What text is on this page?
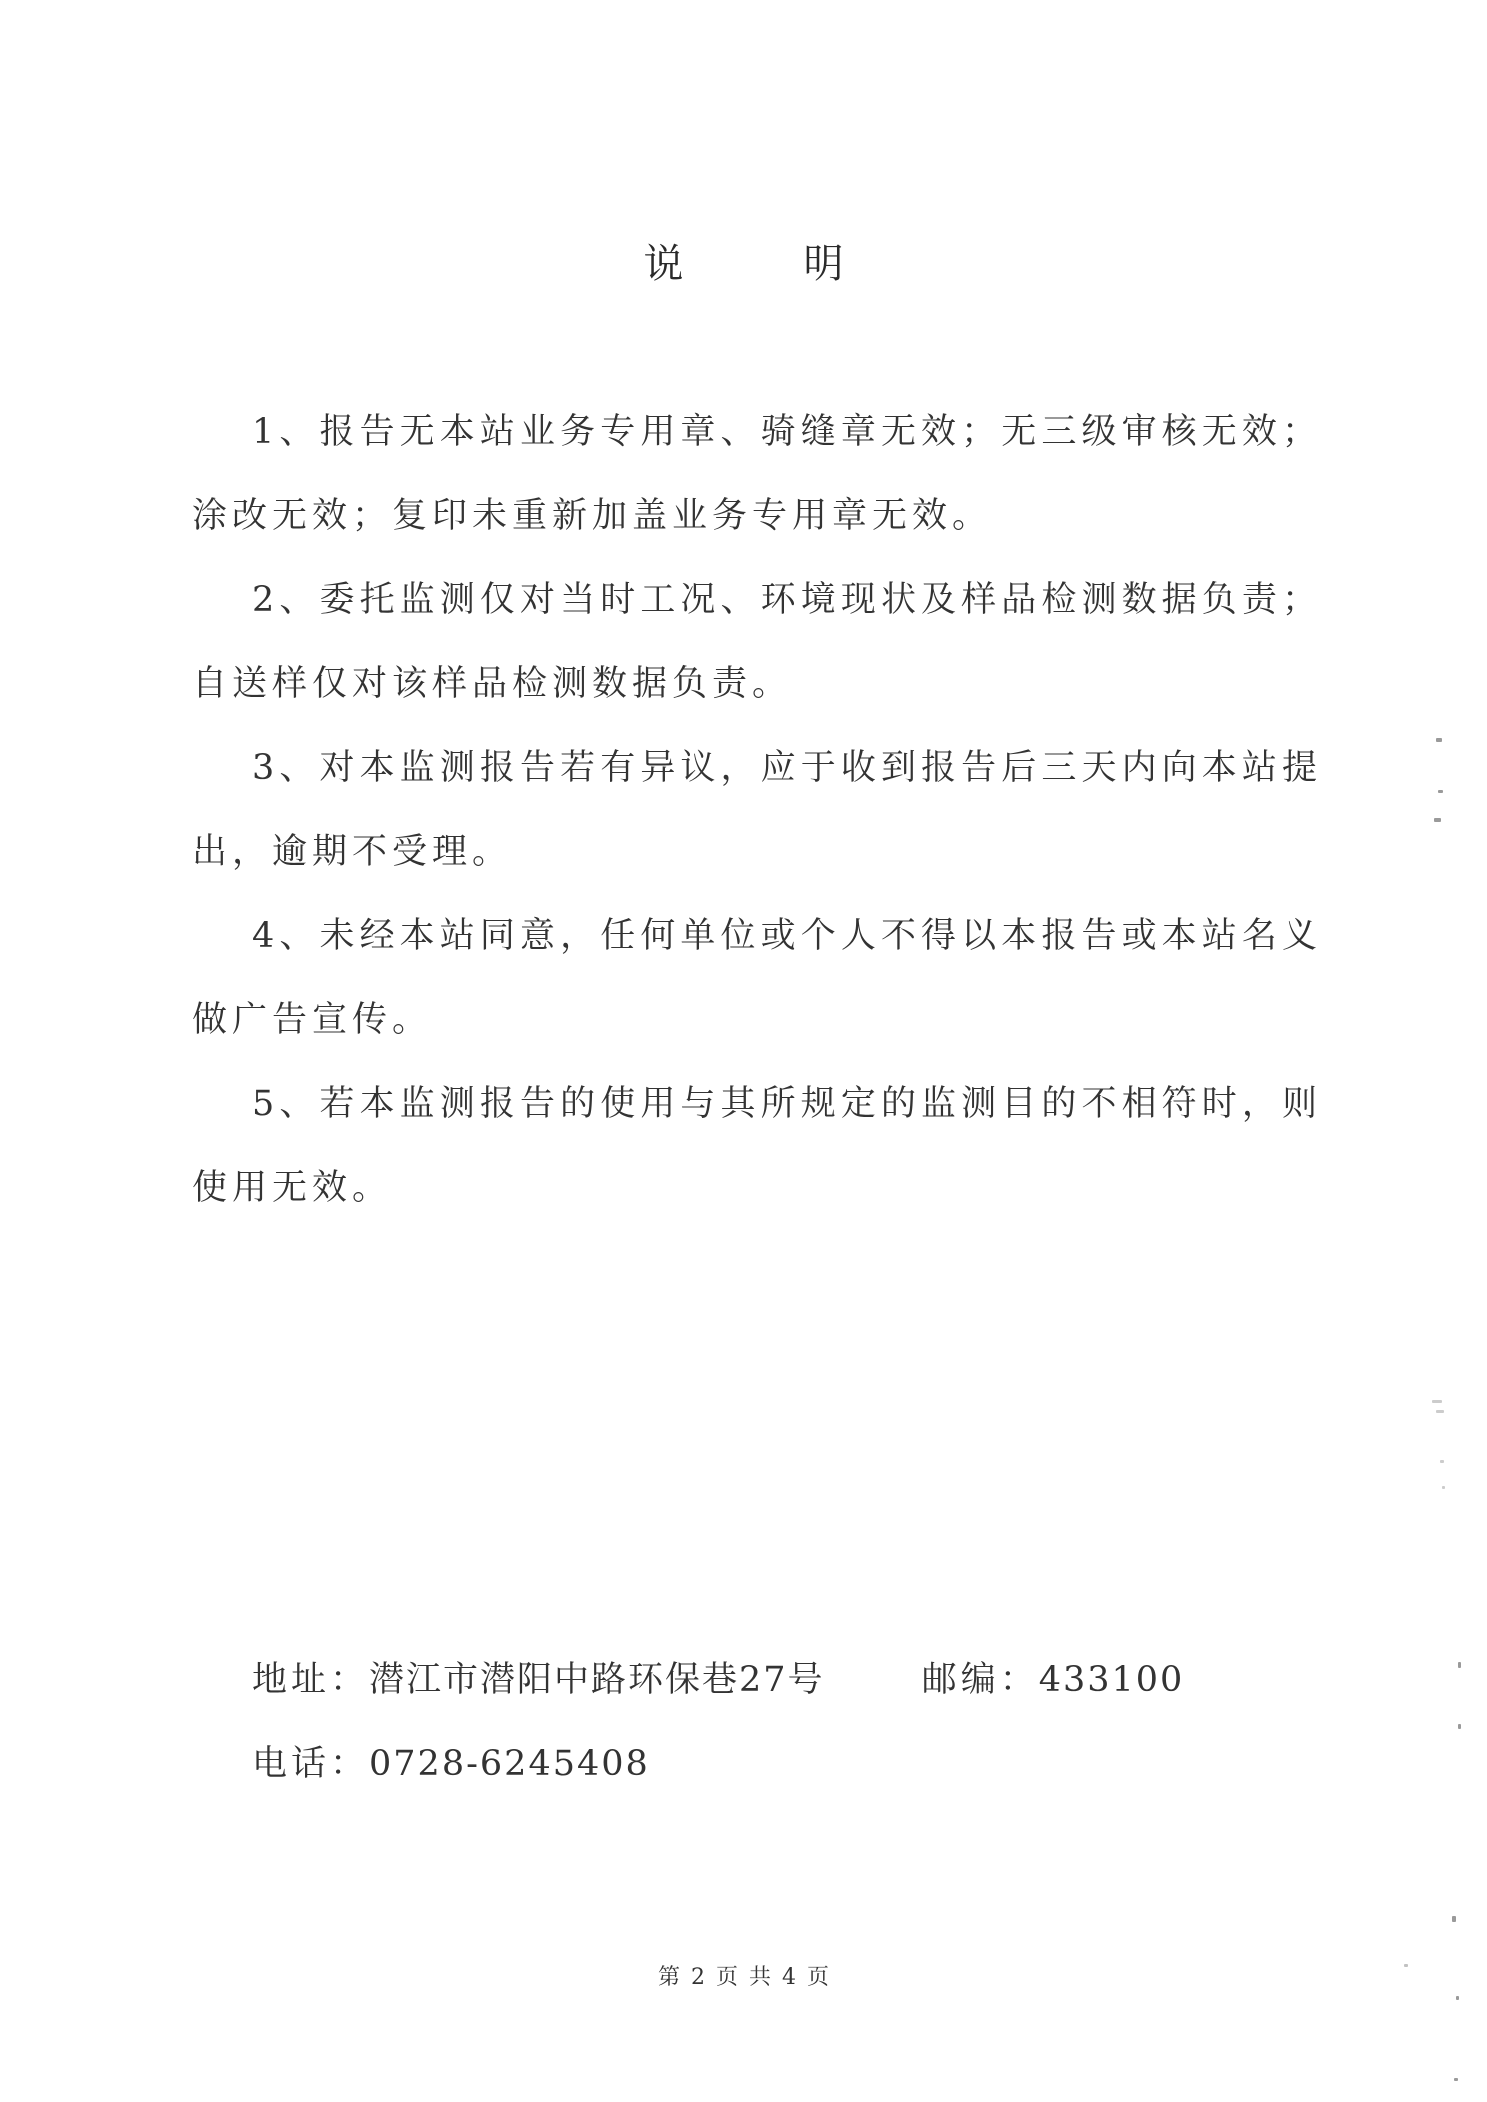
说　明
1、报告无本站业务专用章、骑缝章无效；无三级审核无效；涂改无效；复印未重新加盖业务专用章无效。
2、委托监测仅对当时工况、环境现状及样品检测数据负责；自送样仅对该样品检测数据负责。
3、对本监测报告若有异议，应于收到报告后三天内向本站提出，逾期不受理。
4、未经本站同意，任何单位或个人不得以本报告或本站名义做广告宣传。
5、若本监测报告的使用与其所规定的监测目的不相符时，则使用无效。
地址：潜江市潜阳中路环保巷27号	邮编：433100
电话：0728-6245408
第 2 页 共 4 页
